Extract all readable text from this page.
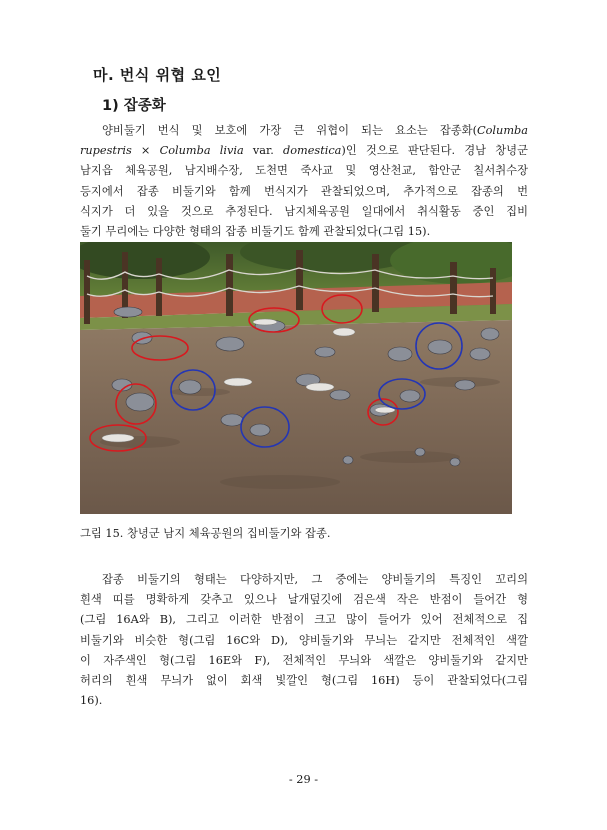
마. 번식 위협 요인
1) 잡종화

양비둘기 번식 및 보호에 가장 큰 위협이 되는 요소는 잡종화(Columba
rupestris × Columba livia var. domestica)인 것으로 판단된다. 경남 창녕군
남지읍 체육공원, 남지배수장, 도천면 죽사교 및 영산천교, 함안군 칠서취수장
등지에서 잡종 비둘기와 함께 번식지가 관찰되었으며, 추가적으로 잡종의 번
식지가 더 있을 것으로 추정된다. 남지체육공원 일대에서 취식활동 중인 집비
둘기 무리에는 다양한 형태의 잡종 비둘기도 함께 관찰되었다(그림 15).

그림 15. 창녕군 남지 체육공원의 집비둘기와 잡종.

잡종 비둘기의 형태는 다양하지만, 그 중에는 양비둘기의 특징인 꼬리의
흰색 띠를 명확하게 갖추고 있으나 날개덮깃에 검은색 작은 반점이 들어간 형
(그림 16A와 B), 그리고 이러한 반점이 크고 많이 들어가 있어 전체적으로 집
비둘기와 비슷한 형(그림 16C와 D), 양비둘기와 무늬는 같지만 전체적인 색깔
이 자주색인 형(그림 16E와 F), 전체적인 무늬와 색깔은 양비둘기와 같지만
허리의 흰색 무늬가 없이 회색 빛깔인 형(그림 16H) 등이 관찰되었다(그림
16).

- 29 -
